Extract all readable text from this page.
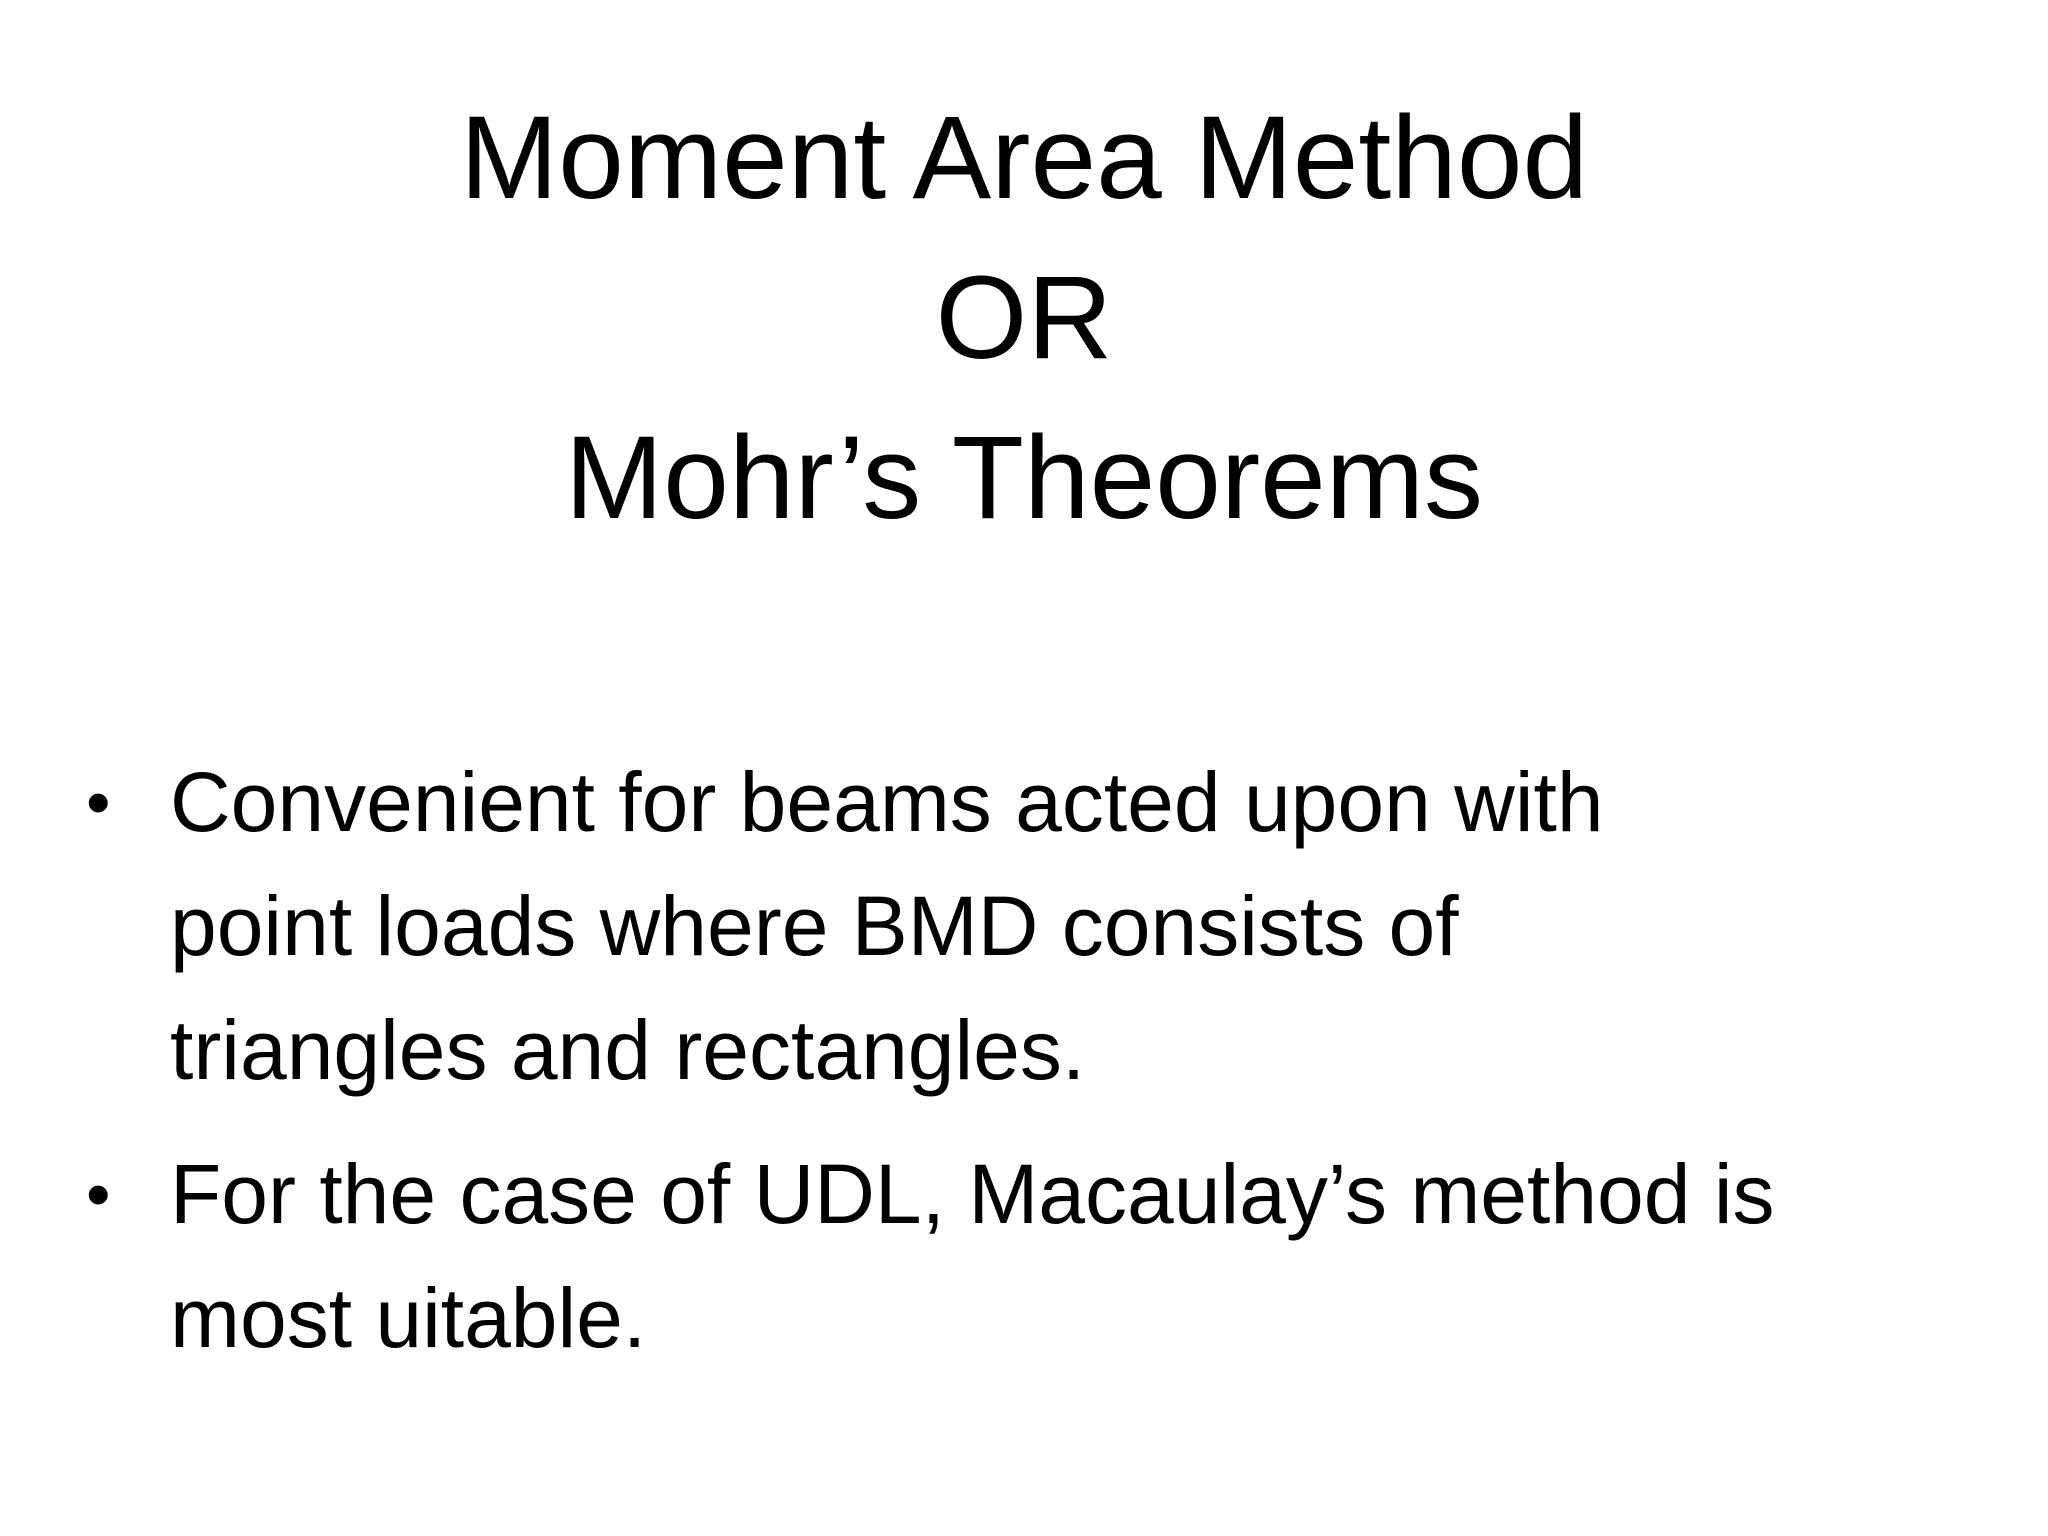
Moment Area Method
OR
Mohr’s Theorems
• Convenient for beams acted upon with
point loads where BMD consists of
triangles and rectangles.
• For the case of UDL, Macaulay’s method is
most uitable.
